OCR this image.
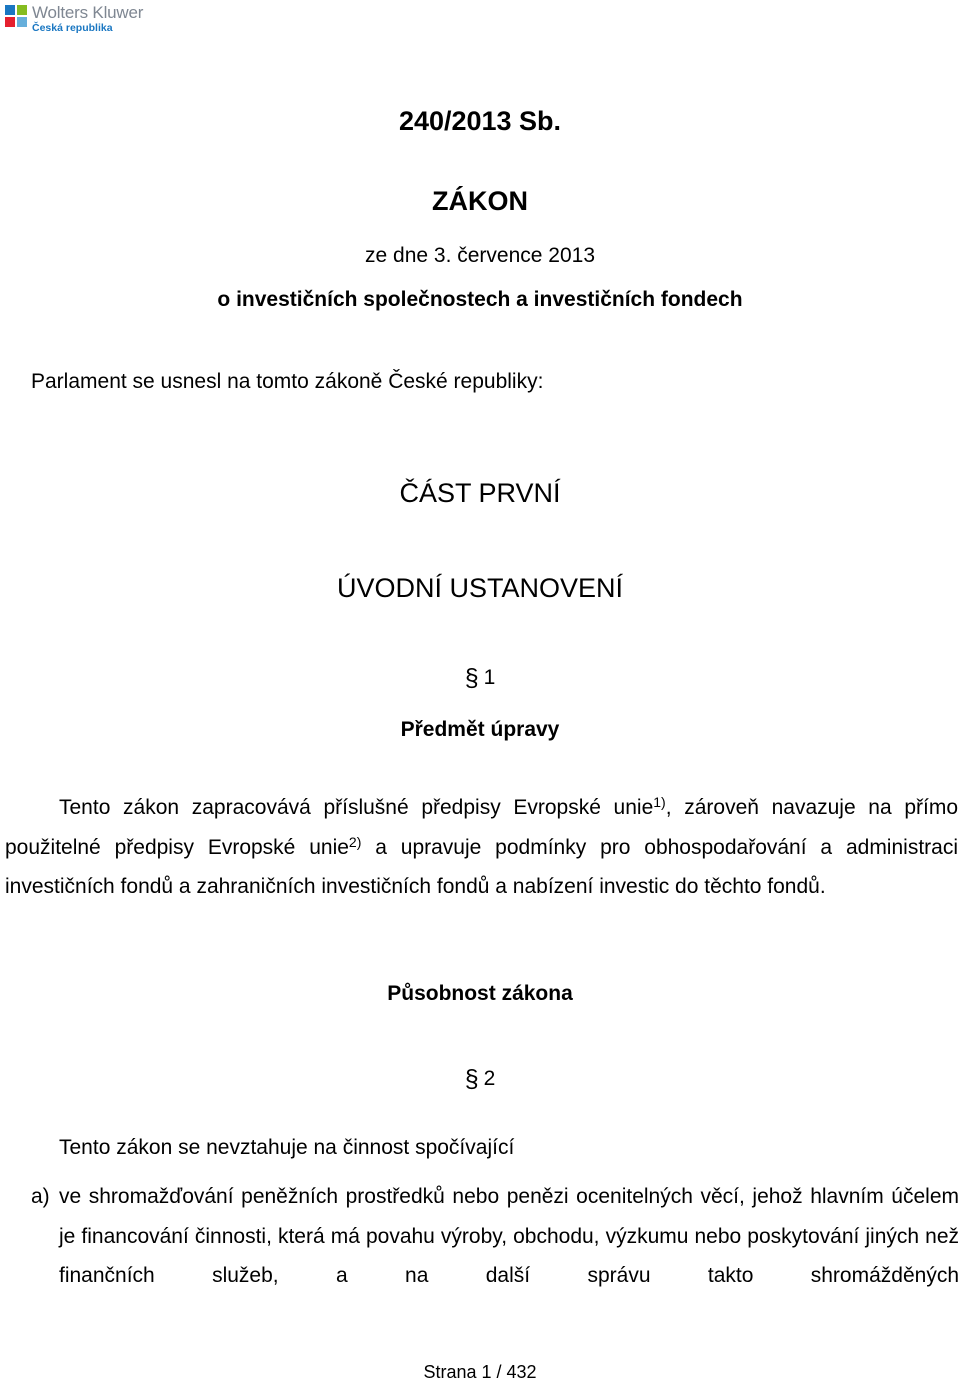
Wolters Kluwer
Česká republika

240/2013 Sb.

ZÁKON

ze dne 3. července 2013

o investičních společnostech a investičních fondech

Parlament se usnesl na tomto zákoně České republiky:

ČÁST PRVNÍ

ÚVODNÍ USTANOVENÍ

§ 1

Předmět úpravy

Tento zákon zapracovává příslušné předpisy Evropské unie$^{1)}$, zároveň navazuje na přímo použitelné předpisy Evropské unie$^{2)}$ a upravuje podmínky pro obhospodařování a administraci investičních fondů a zahraničních investičních fondů a nabízení investic do těchto fondů.

Působnost zákona

§ 2

Tento zákon se nevztahuje na činnost spočívající

a) ve shromažďování peněžních prostředků nebo penězi ocenitelných věcí, jehož hlavním účelem je financování činnosti, která má povahu výroby, obchodu, výzkumu nebo poskytování jiných než finančních služeb, a na další správu takto shromážděných

Strana 1 / 432
